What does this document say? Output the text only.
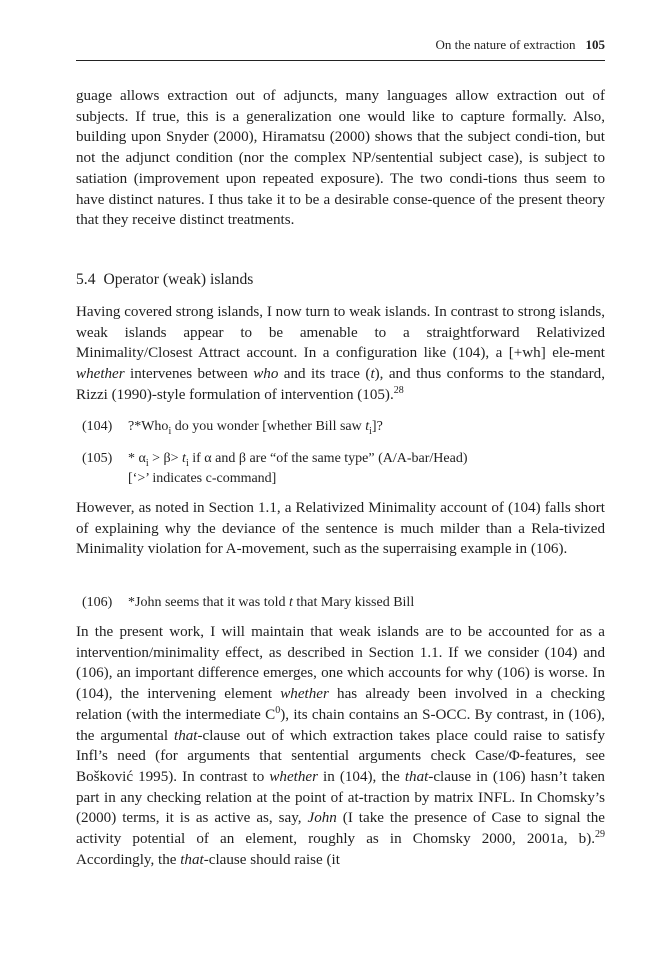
On the nature of extraction 105
guage allows extraction out of adjuncts, many languages allow extraction out of subjects. If true, this is a generalization one would like to capture formally. Also, building upon Snyder (2000), Hiramatsu (2000) shows that the subject condi-tion, but not the adjunct condition (nor the complex NP/sentential subject case), is subject to satiation (improvement upon repeated exposure). The two condi-tions thus seem to have distinct natures. I thus take it to be a desirable conse-quence of the present theory that they receive distinct treatments.
5.4 Operator (weak) islands
Having covered strong islands, I now turn to weak islands. In contrast to strong islands, weak islands appear to be amenable to a straightforward Relativized Minimality/Closest Attract account. In a configuration like (104), a [+wh] ele-ment whether intervenes between who and its trace (t), and thus conforms to the standard, Rizzi (1990)-style formulation of intervention (105).$^{28}$
(104) ?*Who$_i$ do you wonder [whether Bill saw $t_i$]?
$(105) * \alpha_i > \beta> t_i$ if α and β are “of the same type” (A/A-bar/Head)
[‘>’ indicates c-command]
However, as noted in Section 1.1, a Relativized Minimality account of (104) falls short of explaining why the deviance of the sentence is much milder than a Rela-tivized Minimality violation for A-movement, such as the superraising example in (106).
(106) *John seems that it was told t that Mary kissed Bill
In the present work, I will maintain that weak islands are to be accounted for as a intervention/minimality effect, as described in Section 1.1. If we consider (104) and (106), an important difference emerges, one which accounts for why (106) is worse. In (104), the intervening element whether has already been involved in a checking relation (with the intermediate C$^0$), its chain contains an S-OCC. By contrast, in (106), the argumental that-clause out of which extraction takes place could raise to satisfy Infl’s need (for arguments that sentential arguments check Case/Φ-features, see Bošković 1995). In contrast to whether in (104), the that-clause in (106) hasn’t taken part in any checking relation at the point of at-traction by matrix INFL. In Chomsky’s (2000) terms, it is as active as, say, John (I take the presence of Case to signal the activity potential of an element, roughly as in Chomsky 2000, 2001a, b).$^{29}$ Accordingly, the that-clause should raise (it
